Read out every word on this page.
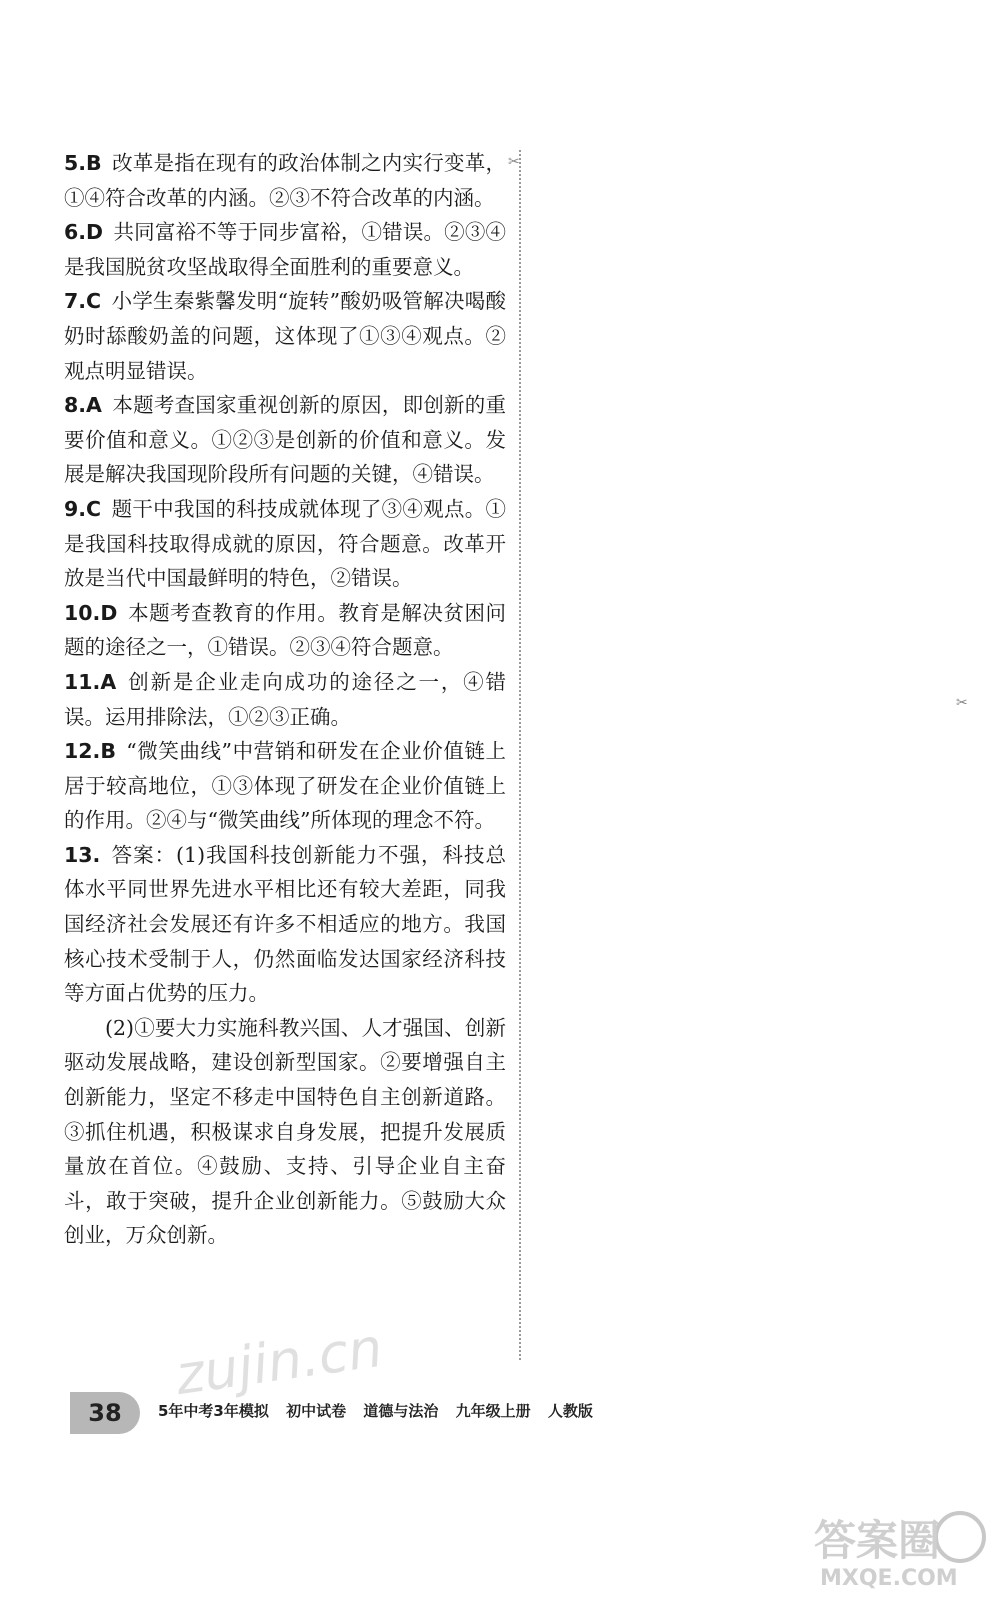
5.B  改革是指在现有的政治体制之内实行变革，①④符合改革的内涵。②③不符合改革的内涵。

6.D  共同富裕不等于同步富裕，①错误。②③④是我国脱贫攻坚战取得全面胜利的重要意义。

7.C  小学生秦紫馨发明“旋转”酸奶吸管解决喝酸奶时舔酸奶盖的问题，这体现了①③④观点。②观点明显错误。

8.A  本题考查国家重视创新的原因，即创新的重要价值和意义。①②③是创新的价值和意义。发展是解决我国现阶段所有问题的关键，④错误。

9.C  题干中我国的科技成就体现了③④观点。①是我国科技取得成就的原因，符合题意。改革开放是当代中国最鲜明的特色，②错误。

10.D  本题考查教育的作用。教育是解决贫困问题的途径之一，①错误。②③④符合题意。

11.A  创新是企业走向成功的途径之一，④错误。运用排除法，①②③正确。

12.B  “微笑曲线”中营销和研发在企业价值链上居于较高地位，①③体现了研发在企业价值链上的作用。②④与“微笑曲线”所体现的理念不符。

13.  答案：(1)我国科技创新能力不强，科技总体水平同世界先进水平相比还有较大差距，同我国经济社会发展还有许多不相适应的地方。我国核心技术受制于人，仍然面临发达国家经济科技等方面占优势的压力。

(2)①要大力实施科教兴国、人才强国、创新驱动发展战略，建设创新型国家。②要增强自主创新能力，坚定不移走中国特色自主创新道路。③抓住机遇，积极谋求自身发展，把提升发展质量放在首位。④鼓励、支持、引导企业自主奋斗，敢于突破，提升企业创新能力。⑤鼓励大众创业，万众创新。

✂
✂
38	5年中考3年模拟 初中试卷 道德与法治 九年级上册 人教版
zujin.cn
答案圈
MXQE.COM
